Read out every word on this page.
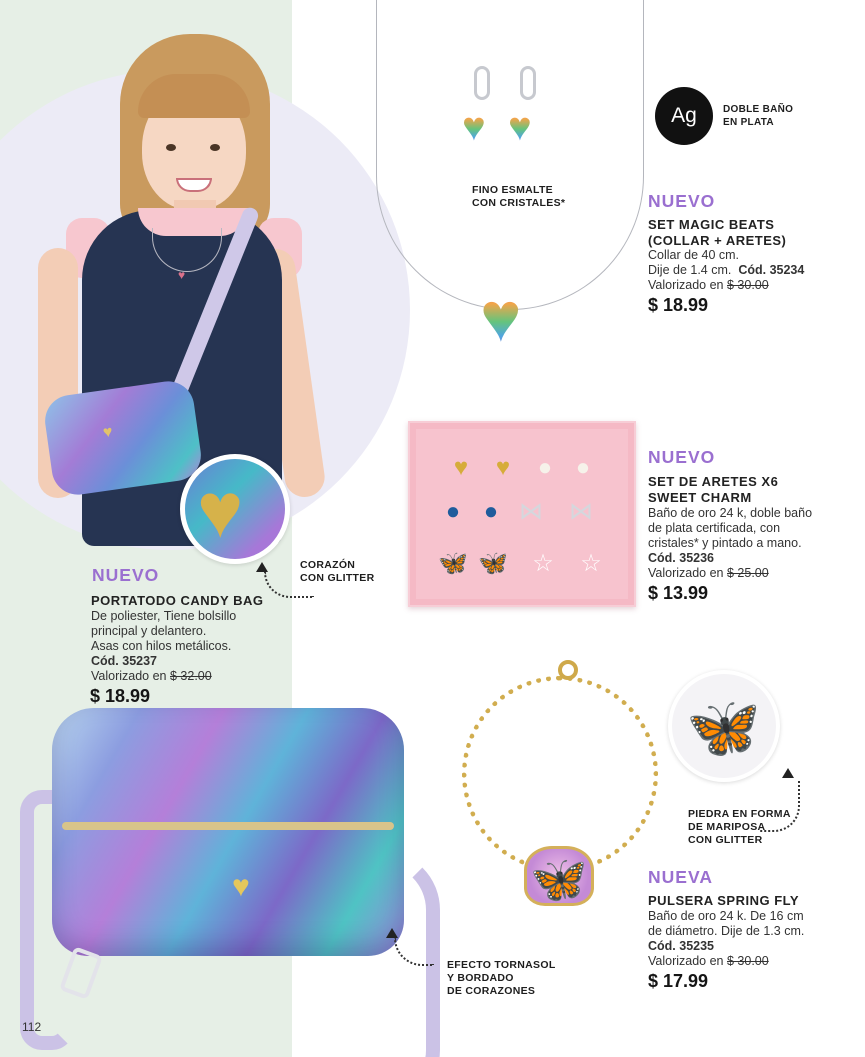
♥
♥
♥
CORAZÓN
CON GLITTER
NUEVO
PORTATODO CANDY BAG
De poliester, Tiene bolsillo
principal y delantero.
Asas con hilos metálicos.
Cód. 35237
Valorizado en $ 32.00
$ 18.99
♥
EFECTO TORNASOL
Y BORDADO
DE CORAZONES
♥ ♥
♥
FINO ESMALTE
CON CRISTALES*
Ag	DOBLE BAÑO
EN PLATA
NUEVO
SET MAGIC BEATS
(COLLAR + ARETES)
Collar de 40 cm.
Dije de 1.4 cm. Cód. 35234
Valorizado en $ 30.00
$ 18.99
♥	♥	● ●
● ● ⋈ ⋈
🦋 🦋 ☆ ☆
NUEVO
SET DE ARETES X6
SWEET CHARM
Baño de oro 24 k, doble baño
de plata certificada, con
cristales* y pintado a mano.
Cód. 35236
Valorizado en $ 25.00
$ 13.99
🦋
🦋
PIEDRA EN FORMA
DE MARIPOSA
CON GLITTER
NUEVA
PULSERA SPRING FLY
Baño de oro 24 k. De 16 cm
de diámetro. Dije de 1.3 cm.
Cód. 35235
Valorizado en $ 30.00
$ 17.99
112
